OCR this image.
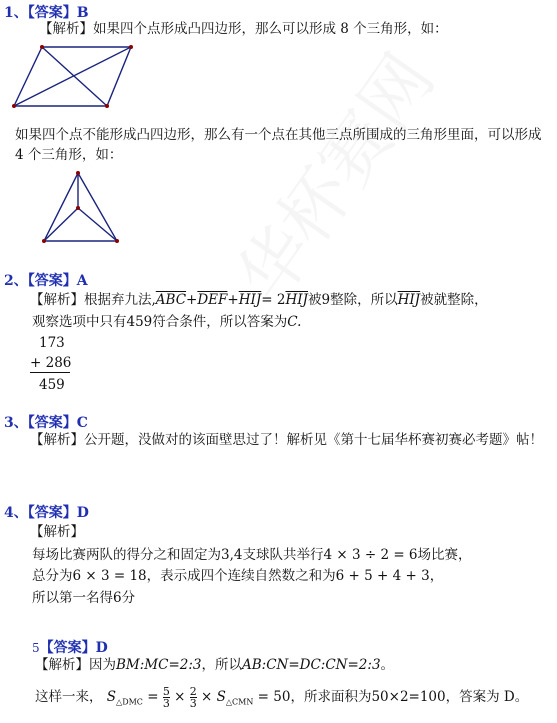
1、【答案】B
【解析】如果四个点形成凸四边形，那么可以形成 8 个三角形，如：
如果四个点不能形成凸四边形，那么有一个点在其他三点所围成的三角形里面，可以形成
4 个三角形，如：
2、【答案】A
【解析】根据弃九法$,\overline{ABC}+\overline{DEF}+\overline{HIJ}= 2\overline{HIJ}$被9整除，所以$\overline{HIJ}$被就整除，
观察选项中只有459符合条件，所以答案为C.
173
+ 286
459
3、【答案】C
【解析】公开题，没做对的该面壁思过了！解析见《第十七届华杯赛初赛必考题》帖！
4、【答案】D
【解析】
每场比赛两队的得分之和固定为3,4支球队共举行4 × 3 ÷ 2 = 6场比赛，
总分为6 × 3 = 18，表示成四个连续自然数之和为6 + 5 + 4 + 3，
所以第一名得6分
5【答案】D
【解析】因为BM:MC=2:3，所以AB:CN=DC:CN=2:3。
这样一来， $S_{\triangle DMC} = \frac{5}{3} \times \frac{2}{3} \times S_{\triangle CMN} = 50$，所求面积为50×2=100，答案为 D。
